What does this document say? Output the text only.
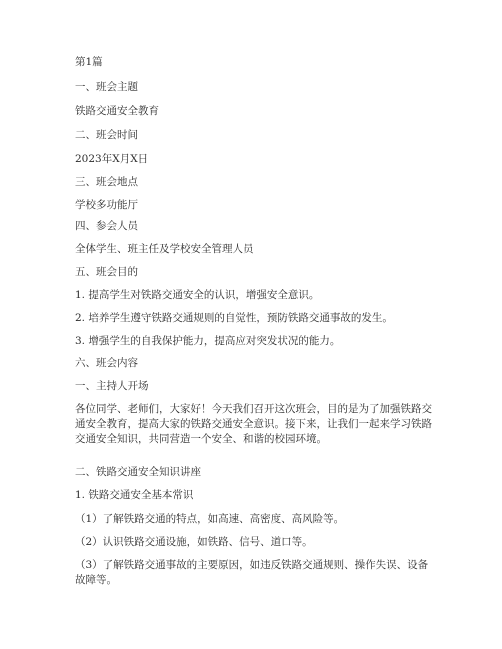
第1篇
一、班会主题
铁路交通安全教育
二、班会时间
2023年X月X日
三、班会地点
学校多功能厅
四、参会人员
全体学生、班主任及学校安全管理人员
五、班会目的
1. 提高学生对铁路交通安全的认识，增强安全意识。
2. 培养学生遵守铁路交通规则的自觉性，预防铁路交通事故的发生。
3. 增强学生的自我保护能力，提高应对突发状况的能力。
六、班会内容
一、主持人开场
各位同学、老师们，大家好！今天我们召开这次班会，目的是为了加强铁路交通安全教育，提高大家的铁路交通安全意识。接下来，让我们一起来学习铁路交通安全知识，共同营造一个安全、和谐的校园环境。
二、铁路交通安全知识讲座
1. 铁路交通安全基本常识
（1）了解铁路交通的特点，如高速、高密度、高风险等。
（2）认识铁路交通设施，如铁路、信号、道口等。
（3）了解铁路交通事故的主要原因，如违反铁路交通规则、操作失误、设备故障等。
